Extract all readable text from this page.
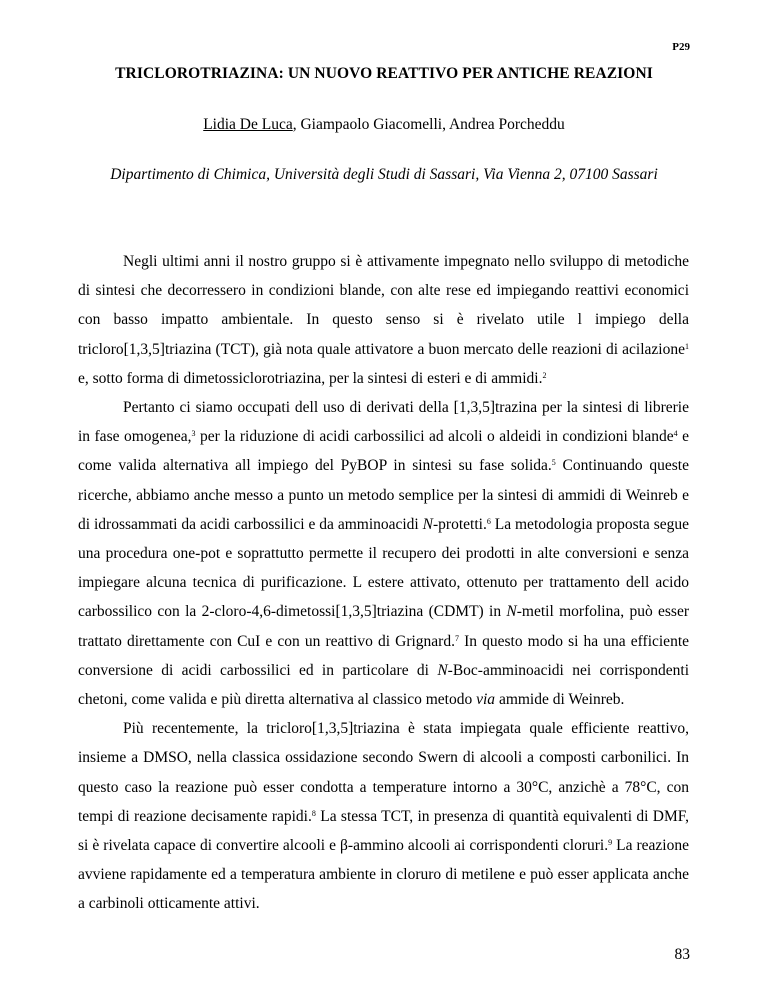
P29
TRICLOROTRIAZINA: UN NUOVO REATTIVO PER ANTICHE REAZIONI
Lidia De Luca, Giampaolo Giacomelli, Andrea Porcheddu
Dipartimento di Chimica, Università degli Studi di Sassari, Via Vienna 2, 07100 Sassari

Negli ultimi anni il nostro gruppo si è attivamente impegnato nello sviluppo di metodiche di sintesi che decorressero in condizioni blande, con alte rese ed impiegando reattivi economici con basso impatto ambientale. In questo senso si è rivelato utile l impiego della tricloro[1,3,5]triazina (TCT), già nota quale attivatore a buon mercato delle reazioni di acilazione$^1$ e, sotto forma di dimetossiclorotriazina, per la sintesi di esteri e di ammidi.$^2$

Pertanto ci siamo occupati dell uso di derivati della [1,3,5]trazina per la sintesi di librerie in fase omogenea,$^3$ per la riduzione di acidi carbossilici ad alcoli o aldeidi in condizioni blande$^4$ e come valida alternativa all impiego del PyBOP in sintesi su fase solida.$^5$ Continuando queste ricerche, abbiamo anche messo a punto un metodo semplice per la sintesi di ammidi di Weinreb e di idrossammati da acidi carbossilici e da amminoacidi N-protetti.$^6$ La metodologia proposta segue una procedura one-pot e soprattutto permette il recupero dei prodotti in alte conversioni e senza impiegare alcuna tecnica di purificazione. L estere attivato, ottenuto per trattamento dell acido carbossilico con la 2-cloro-4,6-dimetossi[1,3,5]triazina (CDMT) in N-metil morfolina, può esser trattato direttamente con CuI e con un reattivo di Grignard.$^7$ In questo modo si ha una efficiente conversione di acidi carbossilici ed in particolare di N-Boc-amminoacidi nei corrispondenti chetoni, come valida e più diretta alternativa al classico metodo via ammide di Weinreb.

Più recentemente, la tricloro[1,3,5]triazina è stata impiegata quale efficiente reattivo, insieme a DMSO, nella classica ossidazione secondo Swern di alcooli a composti carbonilici. In questo caso la reazione può esser condotta a temperature intorno a 30°C, anzichè a 78°C, con tempi di reazione decisamente rapidi.$^8$ La stessa TCT, in presenza di quantità equivalenti di DMF, si è rivelata capace di convertire alcoolі e β-ammino alcooli ai corrispondenti cloruri.$^9$ La reazione avviene rapidamente ed a temperatura ambiente in cloruro di metilene e può esser applicata anche a carbinoli otticamente attivi.

83
